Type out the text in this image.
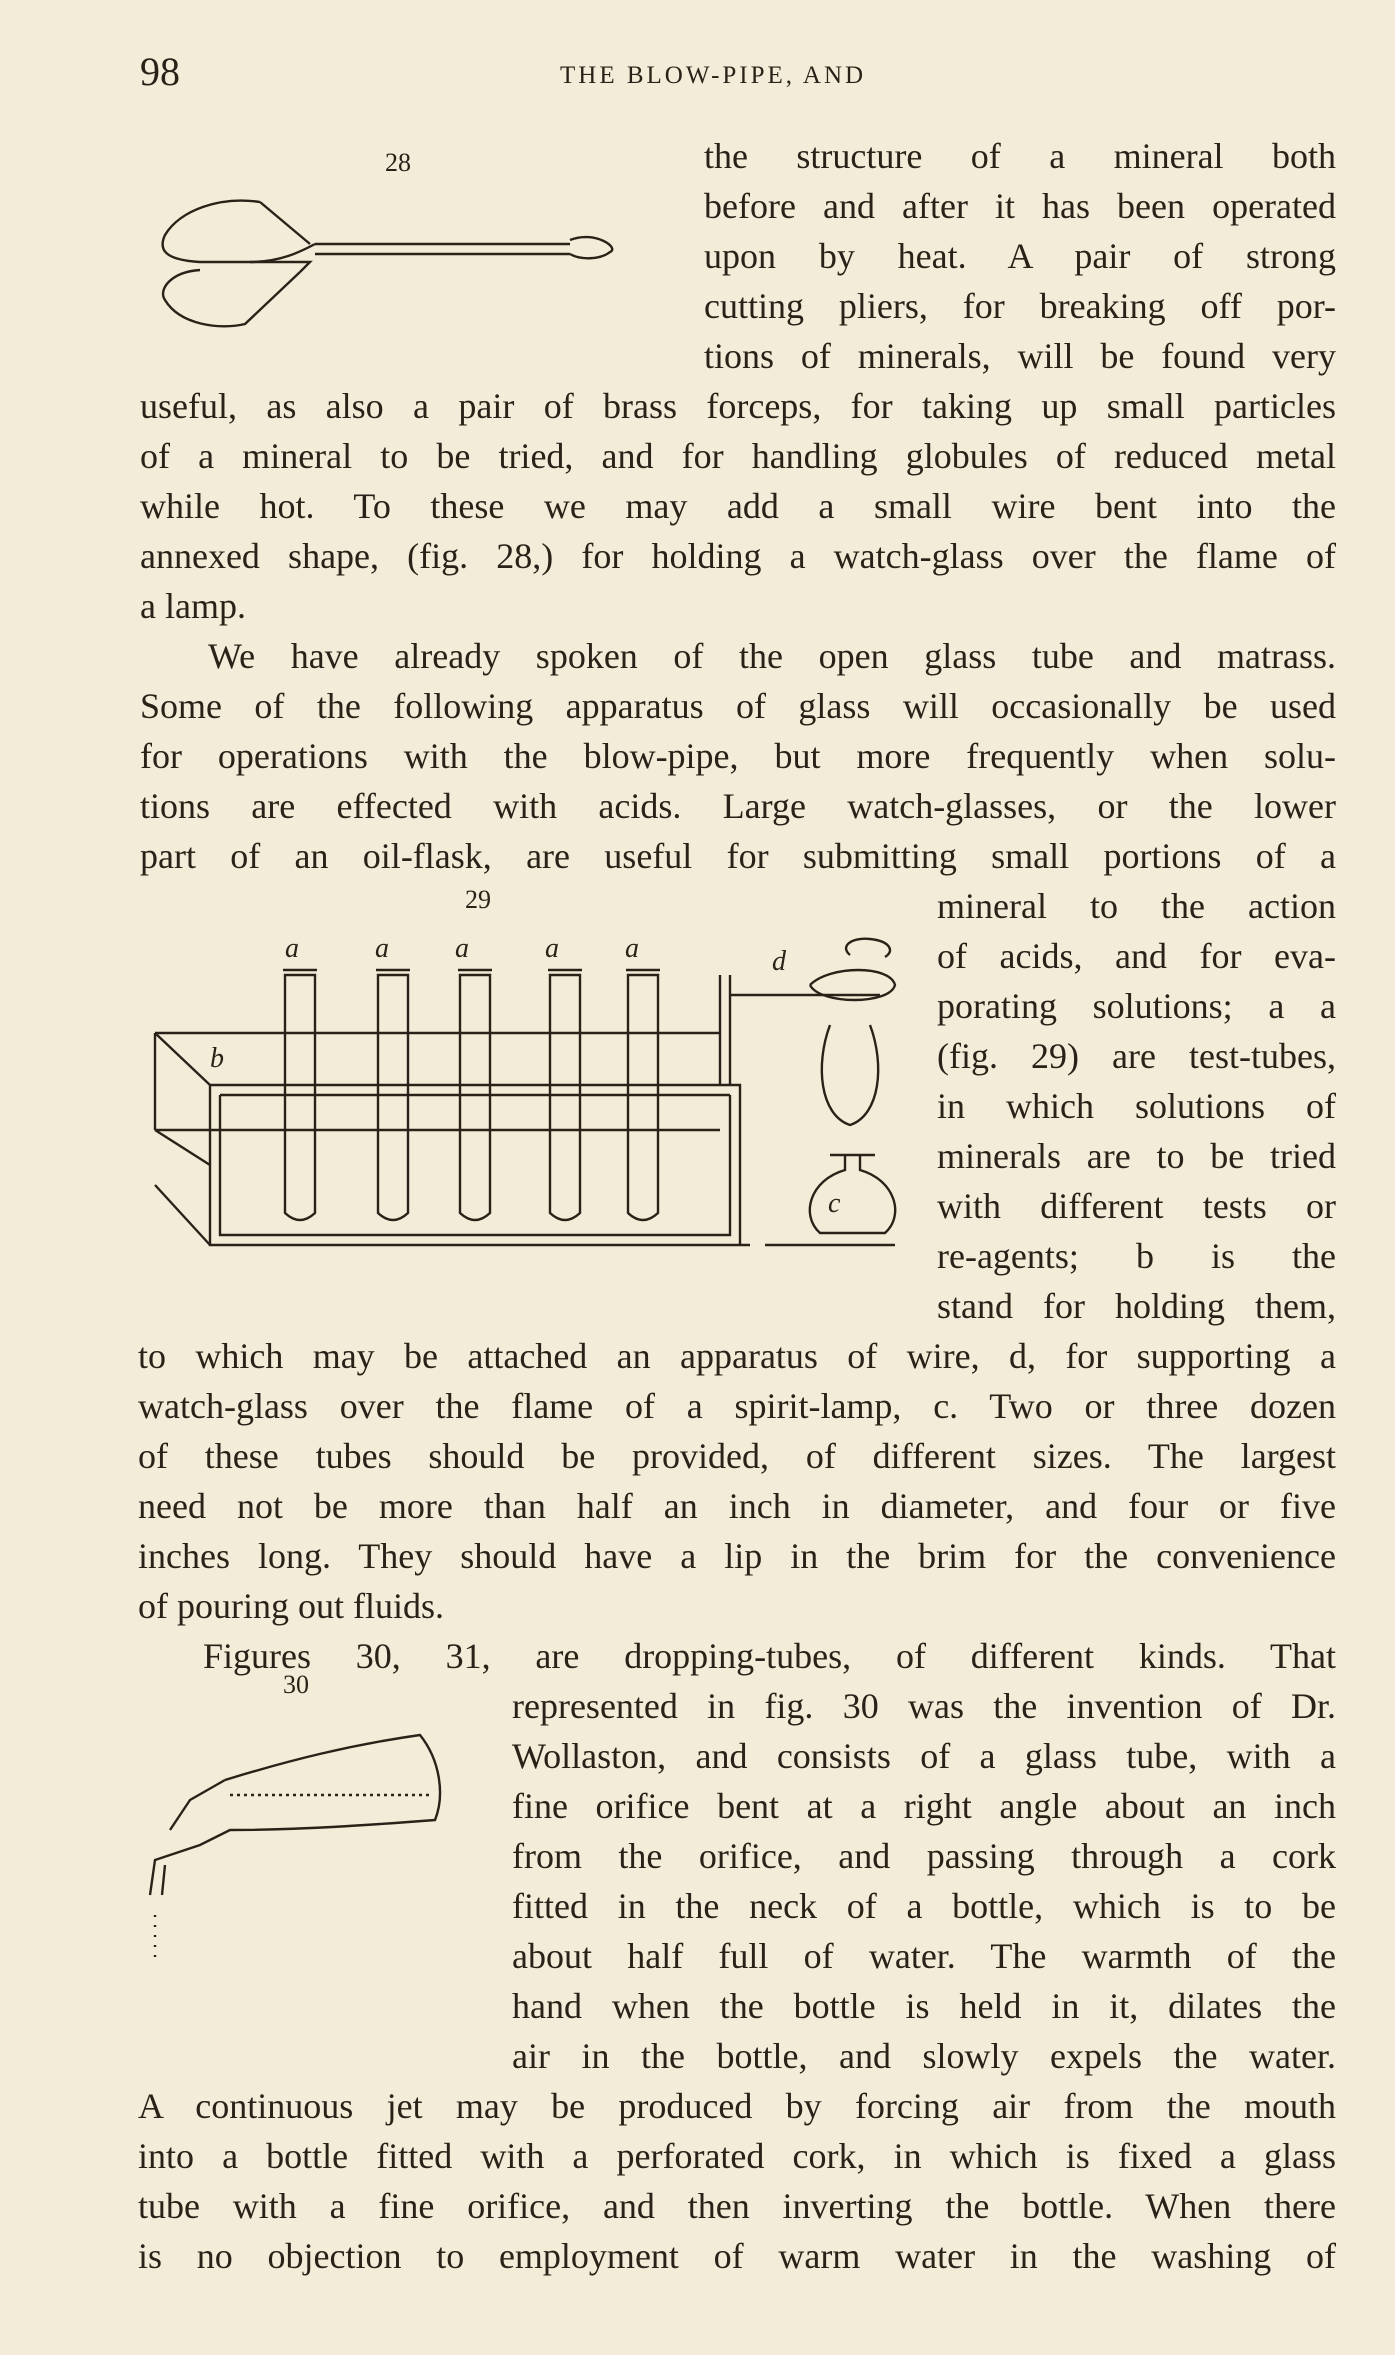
98	THE BLOW-PIPE, AND
28
29
a	a a	a a
b
c
d
30
the structure of a mineral both
before and after it has been operated
upon by heat. A pair of strong
cutting pliers, for breaking off por-
tions of minerals, will be found very
useful, as also a pair of brass forceps, for taking up small particles
of a mineral to be tried, and for handling globules of reduced metal
while hot. To these we may add a small wire bent into the
annexed shape, (fig. 28,) for holding a watch-glass over the flame of
a lamp.
We have already spoken of the open glass tube and matrass.
Some of the following apparatus of glass will occasionally be used
for operations with the blow-pipe, but more frequently when solu-
tions are effected with acids. Large watch-glasses, or the lower
part of an oil-flask, are useful for submitting small portions of a
mineral to the action
of acids, and for eva-
porating solutions; a a
(fig. 29) are test-tubes,
in which solutions of
minerals are to be tried
with different tests or
re-agents; b is the
stand for holding them,
to which may be attached an apparatus of wire, d, for supporting a
watch-glass over the flame of a spirit-lamp, c. Two or three dozen
of these tubes should be provided, of different sizes. The largest
need not be more than half an inch in diameter, and four or five
inches long. They should have a lip in the brim for the convenience
of pouring out fluids.
Figures 30, 31, are dropping-tubes, of different kinds. That
represented in fig. 30 was the invention of Dr.
Wollaston, and consists of a glass tube, with a
fine orifice bent at a right angle about an inch
from the orifice, and passing through a cork
fitted in the neck of a bottle, which is to be
about half full of water. The warmth of the
hand when the bottle is held in it, dilates the
air in the bottle, and slowly expels the water.
A continuous jet may be produced by forcing air from the mouth
into a bottle fitted with a perforated cork, in which is fixed a glass
tube with a fine orifice, and then inverting the bottle. When there
is no objection to employment of warm water in the washing of
